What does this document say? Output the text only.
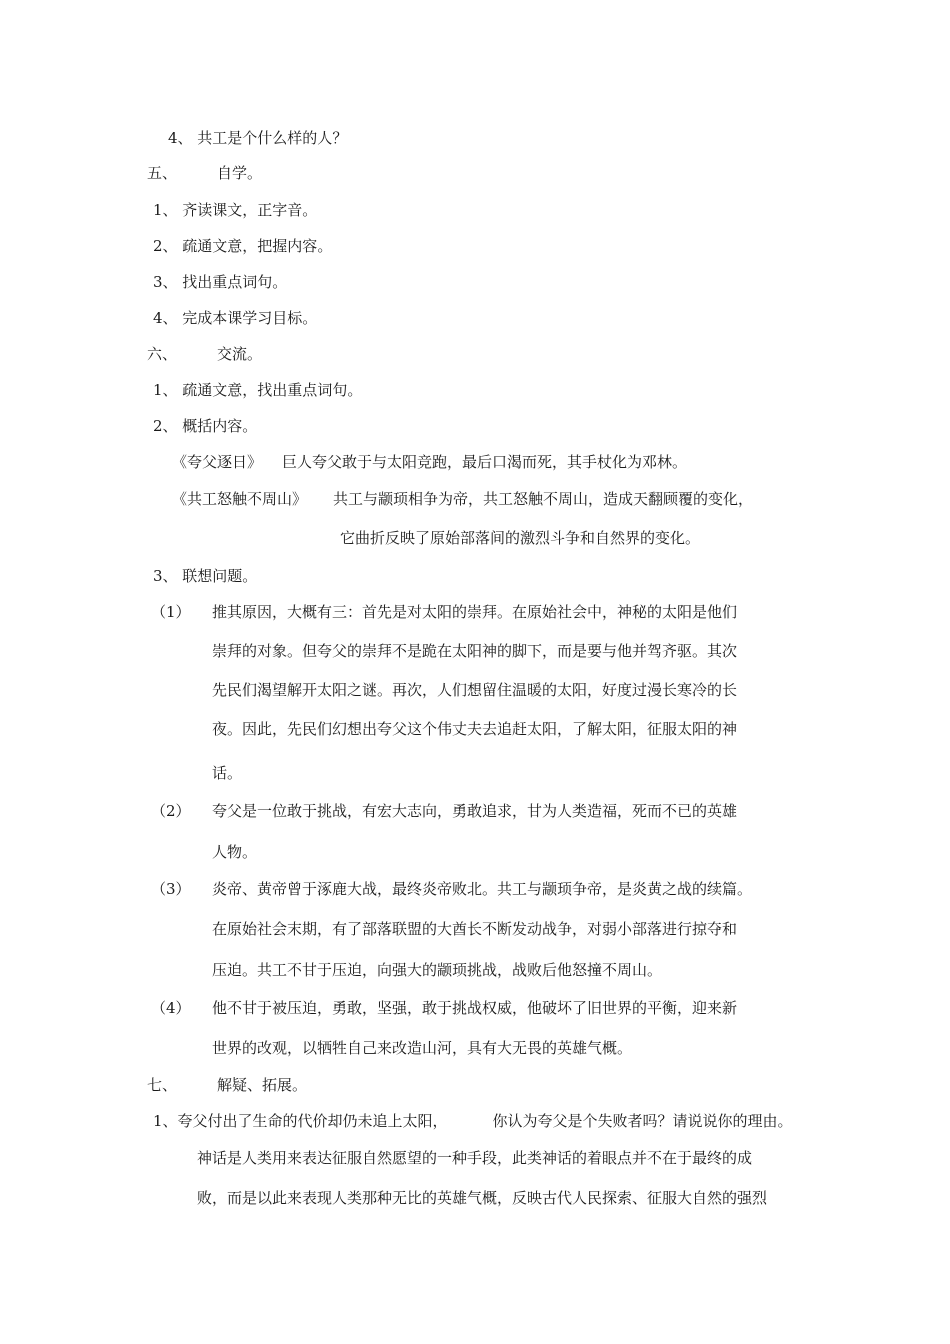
4、 共工是个什么样的人？
五、	自学。
1、 齐读课文，正字音。
2、 疏通文意，把握内容。
3、 找出重点词句。
4、 完成本课学习目标。
六、	交流。
1、 疏通文意，找出重点词句。
2、 概括内容。
《夸父逐日》 巨人夸父敢于与太阳竞跑，最后口渴而死，其手杖化为邓林。
《共工怒触不周山》 共工与颛顼相争为帝，共工怒触不周山，造成天翻顾覆的变化，
它曲折反映了原始部落间的激烈斗争和自然界的变化。
3、 联想问题。
（1） 推其原因，大概有三：首先是对太阳的崇拜。在原始社会中，神秘的太阳是他们
崇拜的对象。但夸父的崇拜不是跪在太阳神的脚下，而是要与他并驾齐驱。其次
先民们渴望解开太阳之谜。再次，人们想留住温暖的太阳，好度过漫长寒冷的长
夜。因此，先民们幻想出夸父这个伟丈夫去追赶太阳，了解太阳，征服太阳的神
话。
（2） 夸父是一位敢于挑战，有宏大志向，勇敢追求，甘为人类造福，死而不已的英雄
人物。
（3） 炎帝、黄帝曾于涿鹿大战，最终炎帝败北。共工与颛顼争帝，是炎黄之战的续篇。
在原始社会末期，有了部落联盟的大酋长不断发动战争，对弱小部落进行掠夺和
压迫。共工不甘于压迫，向强大的颛顼挑战，战败后他怒撞不周山。
（4） 他不甘于被压迫，勇敢，坚强，敢于挑战权威，他破坏了旧世界的平衡，迎来新
世界的改观，以牺牲自己来改造山河，具有大无畏的英雄气概。
七、	解疑、拓展。
1、夸父付出了生命的代价却仍未追上太阳，	你认为夸父是个失败者吗？请说说你的理由。
神话是人类用来表达征服自然愿望的一种手段，此类神话的着眼点并不在于最终的成
败，而是以此来表现人类那种无比的英雄气概，反映古代人民探索、征服大自然的强烈
